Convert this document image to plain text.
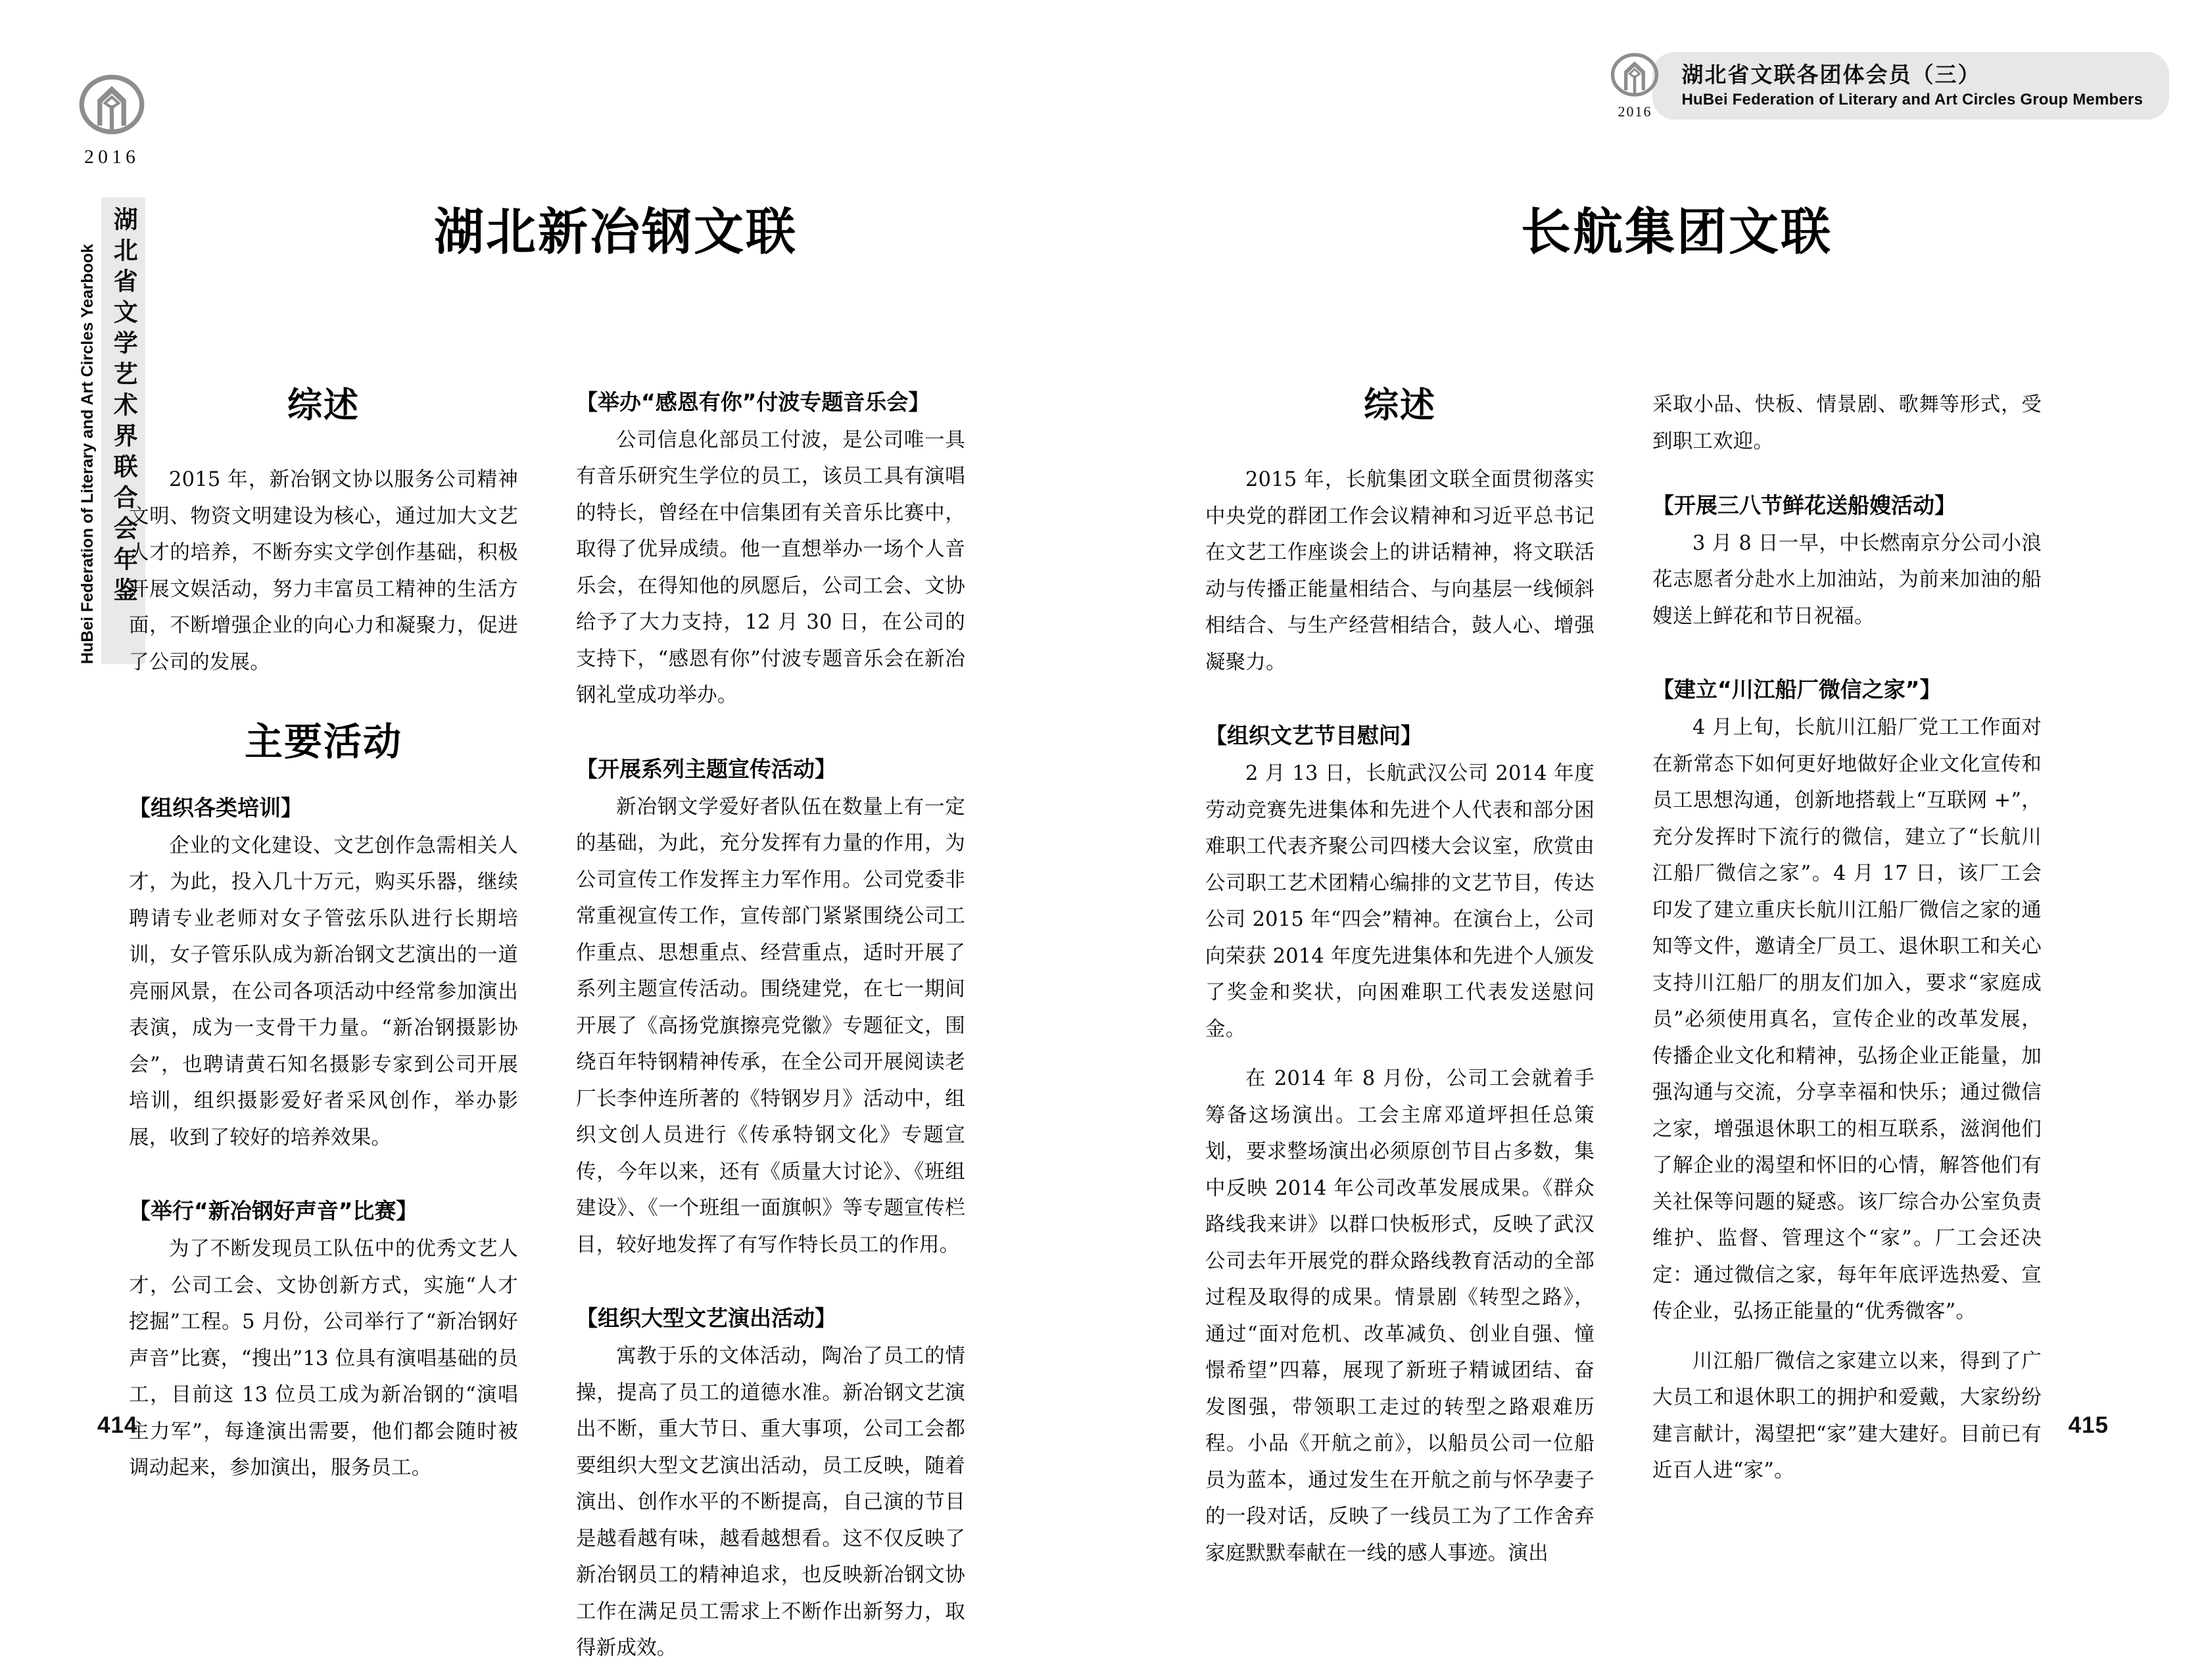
2016
湖北省文学艺术界联合会年鉴
HuBei Federation of Literary and Art Circles Yearbook
湖北新冶钢文联
综述

2015 年，新冶钢文协以服务公司精神文明、物资文明建设为核心，通过加大文艺人才的培养，不断夯实文学创作基础，积极开展文娱活动，努力丰富员工精神的生活方面，不断增强企业的向心力和凝聚力，促进了公司的发展。

主要活动
【组织各类培训】

企业的文化建设、文艺创作急需相关人才，为此，投入几十万元，购买乐器，继续聘请专业老师对女子管弦乐队进行长期培训，女子管乐队成为新冶钢文艺演出的一道亮丽风景，在公司各项活动中经常参加演出表演，成为一支骨干力量。“新冶钢摄影协会”，也聘请黄石知名摄影专家到公司开展培训，组织摄影爱好者采风创作，举办影展，收到了较好的培养效果。

【举行“新冶钢好声音”比赛】

为了不断发现员工队伍中的优秀文艺人才，公司工会、文协创新方式，实施“人才挖掘”工程。5 月份，公司举行了“新冶钢好声音”比赛，“搜出”13 位具有演唱基础的员工，目前这 13 位员工成为新冶钢的“演唱主力军”，每逢演出需要，他们都会随时被调动起来，参加演出，服务员工。

【举办“感恩有你”付波专题音乐会】

公司信息化部员工付波，是公司唯一具有音乐研究生学位的员工，该员工具有演唱的特长，曾经在中信集团有关音乐比赛中，取得了优异成绩。他一直想举办一场个人音乐会，在得知他的夙愿后，公司工会、文协给予了大力支持，12 月 30 日，在公司的支持下，“感恩有你”付波专题音乐会在新冶钢礼堂成功举办。

【开展系列主题宣传活动】

新冶钢文学爱好者队伍在数量上有一定的基础，为此，充分发挥有力量的作用，为公司宣传工作发挥主力军作用。公司党委非常重视宣传工作，宣传部门紧紧围绕公司工作重点、思想重点、经营重点，适时开展了系列主题宣传活动。围绕建党，在七一期间开展了《高扬党旗擦亮党徽》专题征文，围绕百年特钢精神传承，在全公司开展阅读老厂长李仲连所著的《特钢岁月》活动中，组织文创人员进行《传承特钢文化》专题宣传，今年以来，还有《质量大讨论》、《班组建设》、《一个班组一面旗帜》等专题宣传栏目，较好地发挥了有写作特长员工的作用。

【组织大型文艺演出活动】

寓教于乐的文体活动，陶冶了员工的情操，提高了员工的道德水准。新冶钢文艺演出不断，重大节日、重大事项，公司工会都要组织大型文艺演出活动，员工反映，随着演出、创作水平的不断提高，自己演的节目是越看越有味，越看越想看。这不仅反映了新冶钢员工的精神追求，也反映新冶钢文协工作在满足员工需求上不断作出新努力，取得新成效。

414
2016
湖北省文联各团体会员（三）
HuBei Federation of Literary and Art Circles Group Members
长航集团文联
综述

2015 年，长航集团文联全面贯彻落实中央党的群团工作会议精神和习近平总书记在文艺工作座谈会上的讲话精神，将文联活动与传播正能量相结合、与向基层一线倾斜相结合、与生产经营相结合，鼓人心、增强凝聚力。

【组织文艺节目慰问】

2 月 13 日，长航武汉公司 2014 年度劳动竞赛先进集体和先进个人代表和部分困难职工代表齐聚公司四楼大会议室，欣赏由公司职工艺术团精心编排的文艺节目，传达公司 2015 年“四会”精神。在演台上，公司向荣获 2014 年度先进集体和先进个人颁发了奖金和奖状，向困难职工代表发送慰问金。

在 2014 年 8 月份，公司工会就着手筹备这场演出。工会主席邓道坪担任总策划，要求整场演出必须原创节目占多数，集中反映 2014 年公司改革发展成果。《群众路线我来讲》以群口快板形式，反映了武汉公司去年开展党的群众路线教育活动的全部过程及取得的成果。情景剧《转型之路》，通过“面对危机、改革减负、创业自强、憧憬希望”四幕，展现了新班子精诚团结、奋发图强，带领职工走过的转型之路艰难历程。小品《开航之前》，以船员公司一位船员为蓝本，通过发生在开航之前与怀孕妻子的一段对话，反映了一线员工为了工作舍弃家庭默默奉献在一线的感人事迹。演出

采取小品、快板、情景剧、歌舞等形式，受到职工欢迎。

【开展三八节鲜花送船嫂活动】

3 月 8 日一早，中长燃南京分公司小浪花志愿者分赴水上加油站，为前来加油的船嫂送上鲜花和节日祝福。

【建立“川江船厂微信之家”】

4 月上旬，长航川江船厂党工工作面对在新常态下如何更好地做好企业文化宣传和员工思想沟通，创新地搭载上“互联网 +”，充分发挥时下流行的微信，建立了“长航川江船厂微信之家”。4 月 17 日，该厂工会印发了建立重庆长航川江船厂微信之家的通知等文件，邀请全厂员工、退休职工和关心支持川江船厂的朋友们加入，要求“家庭成员”必须使用真名，宣传企业的改革发展，传播企业文化和精神，弘扬企业正能量，加强沟通与交流，分享幸福和快乐；通过微信之家，增强退休职工的相互联系，滋润他们了解企业的渴望和怀旧的心情，解答他们有关社保等问题的疑惑。该厂综合办公室负责维护、监督、管理这个“家”。厂工会还决定：通过微信之家，每年年底评选热爱、宣传企业，弘扬正能量的“优秀微客”。

川江船厂微信之家建立以来，得到了广大员工和退休职工的拥护和爱戴，大家纷纷建言献计，渴望把“家”建大建好。目前已有近百人进“家”。

415
